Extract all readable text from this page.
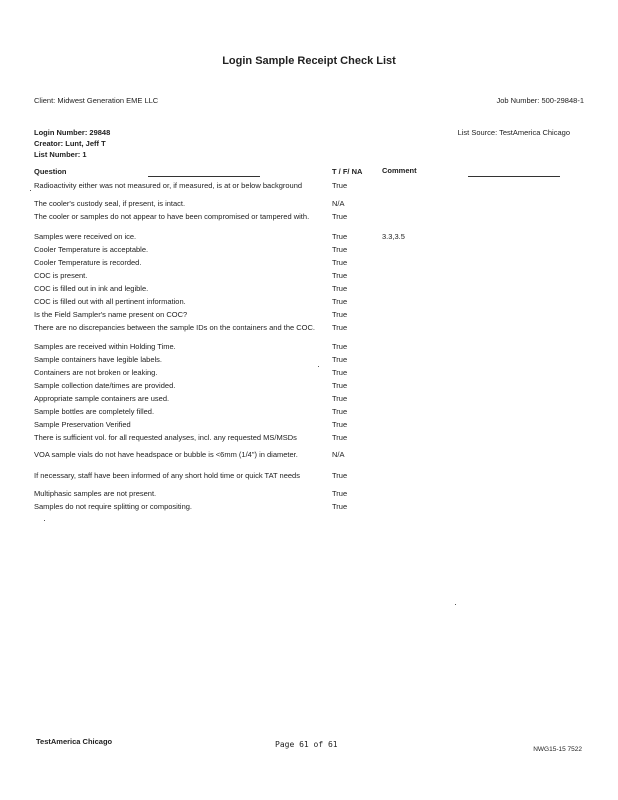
Login Sample Receipt Check List
Client: Midwest Generation EME LLC	Job Number: 500-29848-1
Login Number: 29848	List Source: TestAmerica Chicago
Creator: Lunt, Jeff T
List Number: 1
Question	T / F/ NA	Comment
Radioactivity either was not measured or, if measured, is at or below background	True
The cooler's custody seal, if present, is intact.	N/A
The cooler or samples do not appear to have been compromised or tampered with.	True
Samples were received on ice.	True	3.3,3.5
Cooler Temperature is acceptable.	True
Cooler Temperature is recorded.	True
COC is present.	True
COC is filled out in ink and legible.	True
COC is filled out with all pertinent information.	True
Is the Field Sampler's name present on COC?	True
There are no discrepancies between the sample IDs on the containers and the COC.	True
Samples are received within Holding Time.	True
Sample containers have legible labels.	True
Containers are not broken or leaking.	True
Sample collection date/times are provided.	True
Appropriate sample containers are used.	True
Sample bottles are completely filled.	True
Sample Preservation Verified	True
There is sufficient vol. for all requested analyses, incl. any requested MS/MSDs	True
VOA sample vials do not have headspace or bubble is <6mm (1/4") in diameter.	N/A
If necessary, staff have been informed of any short hold time or quick TAT needs	True
Multiphasic samples are not present.	True
Samples do not require splitting or compositing.	True
TestAmerica Chicago	Page 61 of 61
NWG15-15 7522
